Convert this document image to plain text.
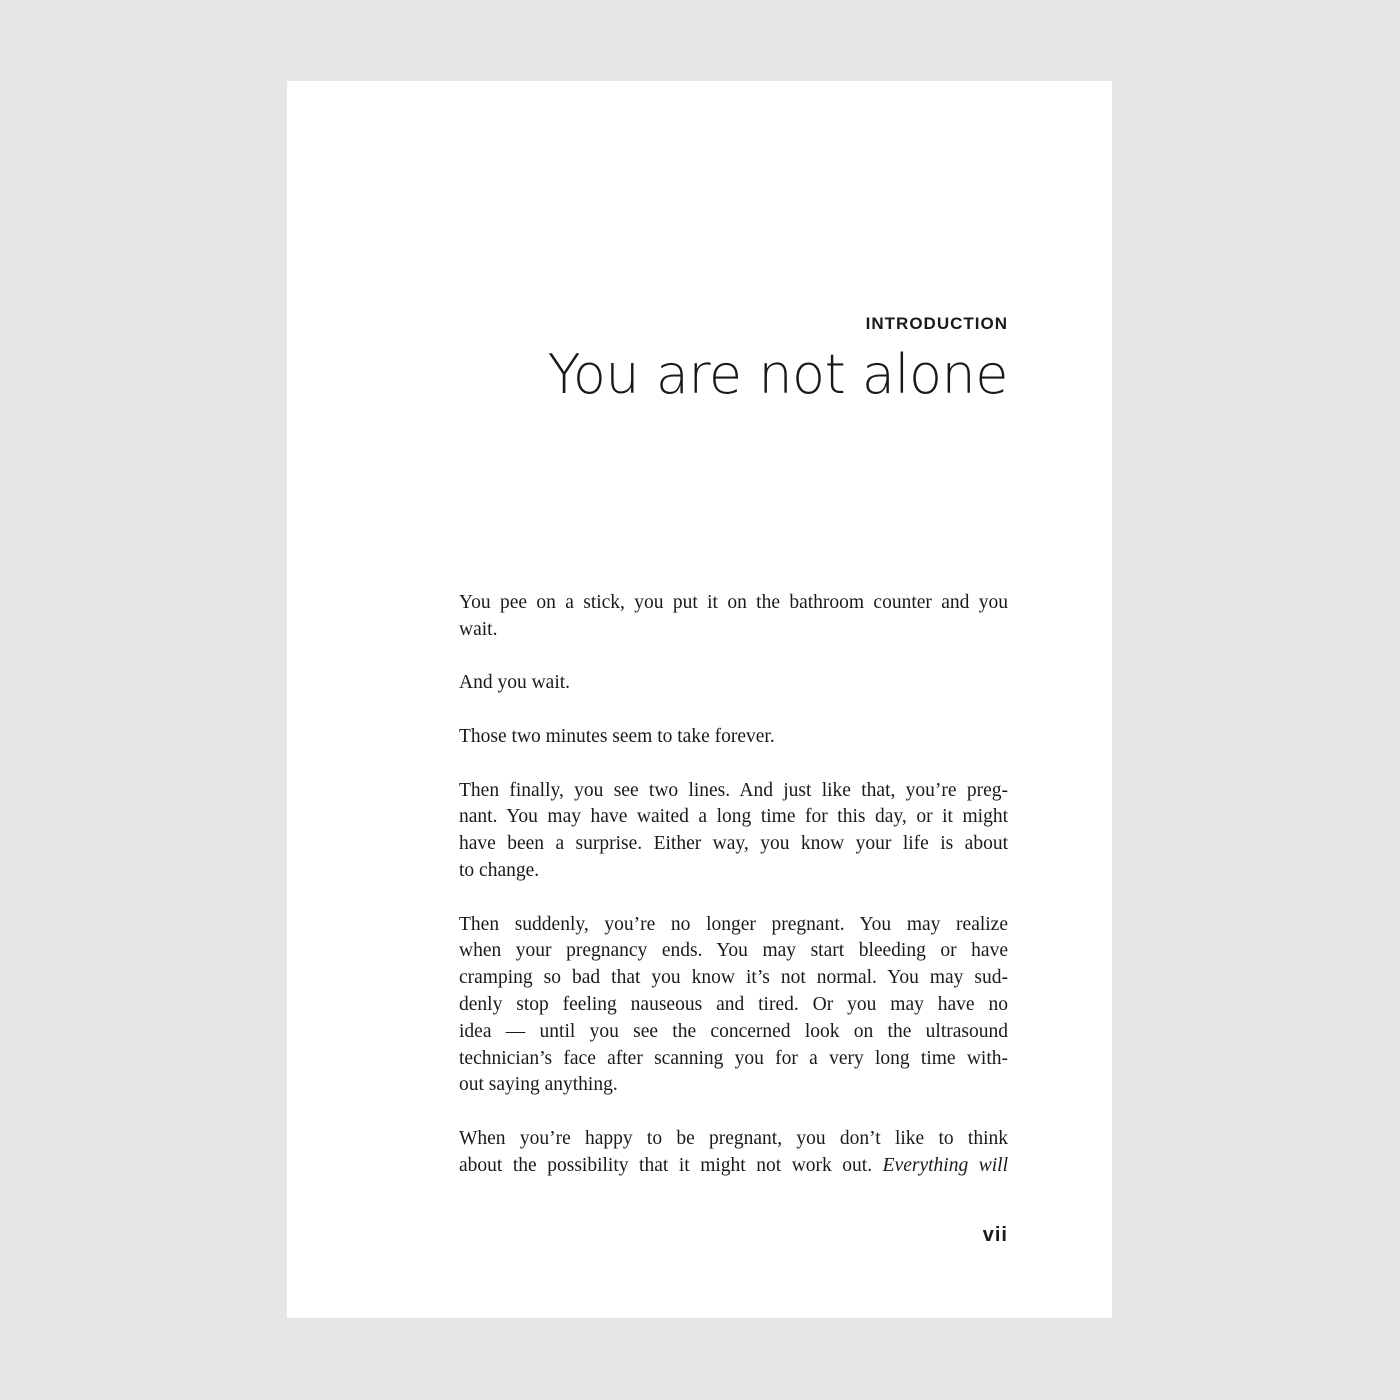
INTRODUCTION
You are not alone

You pee on a stick, you put it on the bathroom counter and you
wait.

And you wait.

Those two minutes seem to take forever.

Then finally, you see two lines. And just like that, you’re preg-
nant. You may have waited a long time for this day, or it might
have been a surprise. Either way, you know your life is about
to change.

Then suddenly, you’re no longer pregnant. You may realize
when your pregnancy ends. You may start bleeding or have
cramping so bad that you know it’s not normal. You may sud-
denly stop feeling nauseous and tired. Or you may have no
idea — until you see the concerned look on the ultrasound
technician’s face after scanning you for a very long time with-
out saying anything.

When you’re happy to be pregnant, you don’t like to think
about the possibility that it might not work out. Everything will

vii
